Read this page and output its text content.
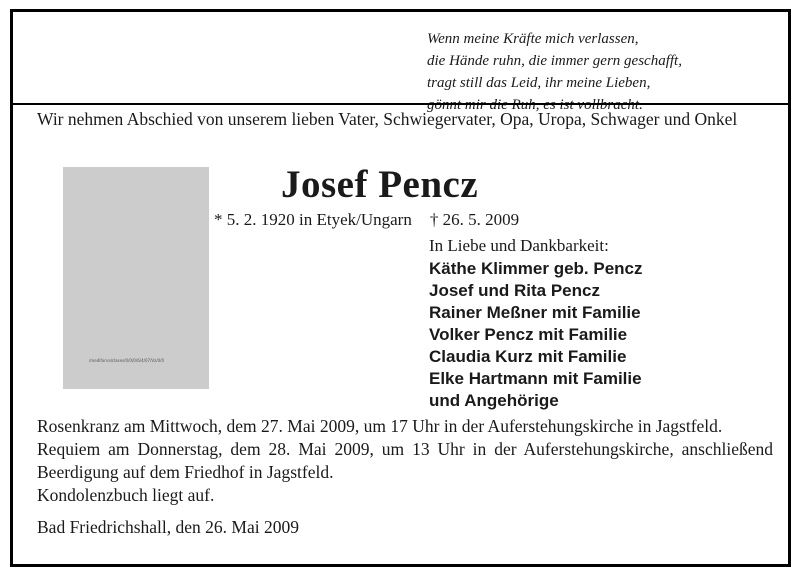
Wenn meine Kräfte mich verlassen,
die Hände ruhn, die immer gern geschafft,
tragt still das Leid, ihr meine Lieben,
gönnt mir die Ruh, es ist vollbracht.
Wir nehmen Abschied von unserem lieben Vater, Schwiegervater, Opa, Uropa, Schwager und Onkel
/mediforvalclases/0/0/0/6/4/07/Vz/0/0
Josef Pencz
* 5. 2. 1920 in Etyek/Ungarn † 26. 5. 2009
In Liebe und Dankbarkeit:
Käthe Klimmer geb. Pencz
Josef und Rita Pencz
Rainer Meßner mit Familie
Volker Pencz mit Familie
Claudia Kurz mit Familie
Elke Hartmann mit Familie
und Angehörige
Rosenkranz am Mittwoch, dem 27. Mai 2009, um 17 Uhr in der Auferstehungskirche in Jagstfeld.
Requiem am Donnerstag, dem 28. Mai 2009, um 13 Uhr in der Auferstehungskirche, anschließend Beerdigung auf dem Friedhof in Jagstfeld.
Kondolenzbuch liegt auf.
Bad Friedrichshall, den 26. Mai 2009
